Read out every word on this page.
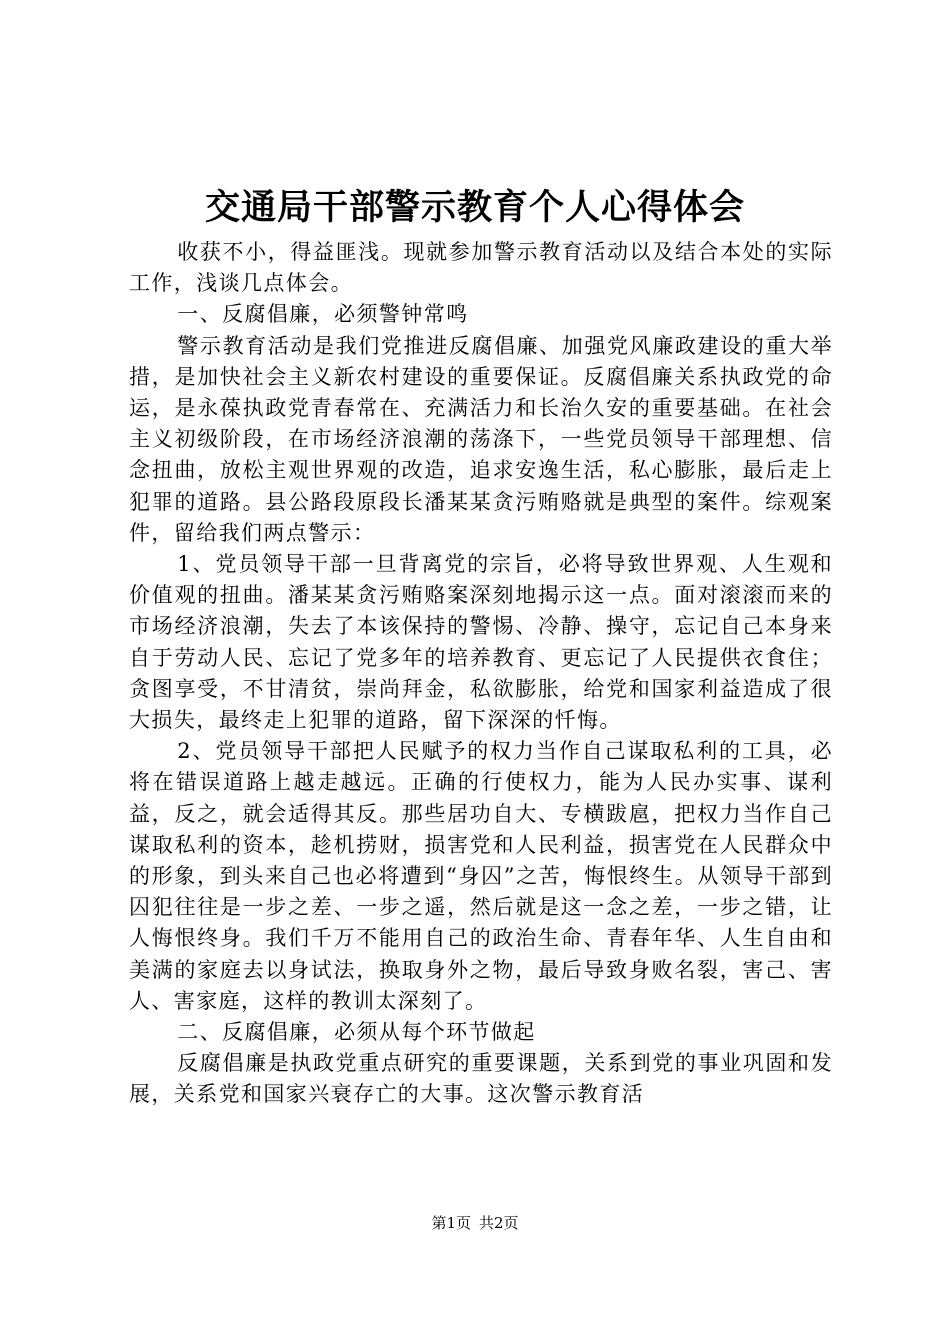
交通局干部警示教育个人心得体会

收获不小，得益匪浅。现就参加警示教育活动以及结合本处的实际工作，浅谈几点体会。

一、反腐倡廉，必须警钟常鸣

警示教育活动是我们党推进反腐倡廉、加强党风廉政建设的重大举措，是加快社会主义新农村建设的重要保证。反腐倡廉关系执政党的命运，是永葆执政党青春常在、充满活力和长治久安的重要基础。在社会主义初级阶段，在市场经济浪潮的荡涤下，一些党员领导干部理想、信念扭曲，放松主观世界观的改造，追求安逸生活，私心膨胀，最后走上犯罪的道路。县公路段原段长潘某某贪污贿赂就是典型的案件。综观案件，留给我们两点警示：

1、党员领导干部一旦背离党的宗旨，必将导致世界观、人生观和价值观的扭曲。潘某某贪污贿赂案深刻地揭示这一点。面对滚滚而来的市场经济浪潮，失去了本该保持的警惕、冷静、操守，忘记自己本身来自于劳动人民、忘记了党多年的培养教育、更忘记了人民提供衣食住；贪图享受，不甘清贫，崇尚拜金，私欲膨胀，给党和国家利益造成了很大损失，最终走上犯罪的道路，留下深深的忏悔。

2、党员领导干部把人民赋予的权力当作自己谋取私利的工具，必将在错误道路上越走越远。正确的行使权力，能为人民办实事、谋利益，反之，就会适得其反。那些居功自大、专横跋扈，把权力当作自己谋取私利的资本，趁机捞财，损害党和人民利益，损害党在人民群众中的形象，到头来自己也必将遭到“身囚”之苦，悔恨终生。从领导干部到囚犯往往是一步之差、一步之遥，然后就是这一念之差，一步之错，让人悔恨终身。我们千万不能用自己的政治生命、青春年华、人生自由和美满的家庭去以身试法，换取身外之物，最后导致身败名裂，害己、害人、害家庭，这样的教训太深刻了。

二、反腐倡廉，必须从每个环节做起

反腐倡廉是执政党重点研究的重要课题，关系到党的事业巩固和发展，关系党和国家兴衰存亡的大事。这次警示教育活

第1页 共2页
